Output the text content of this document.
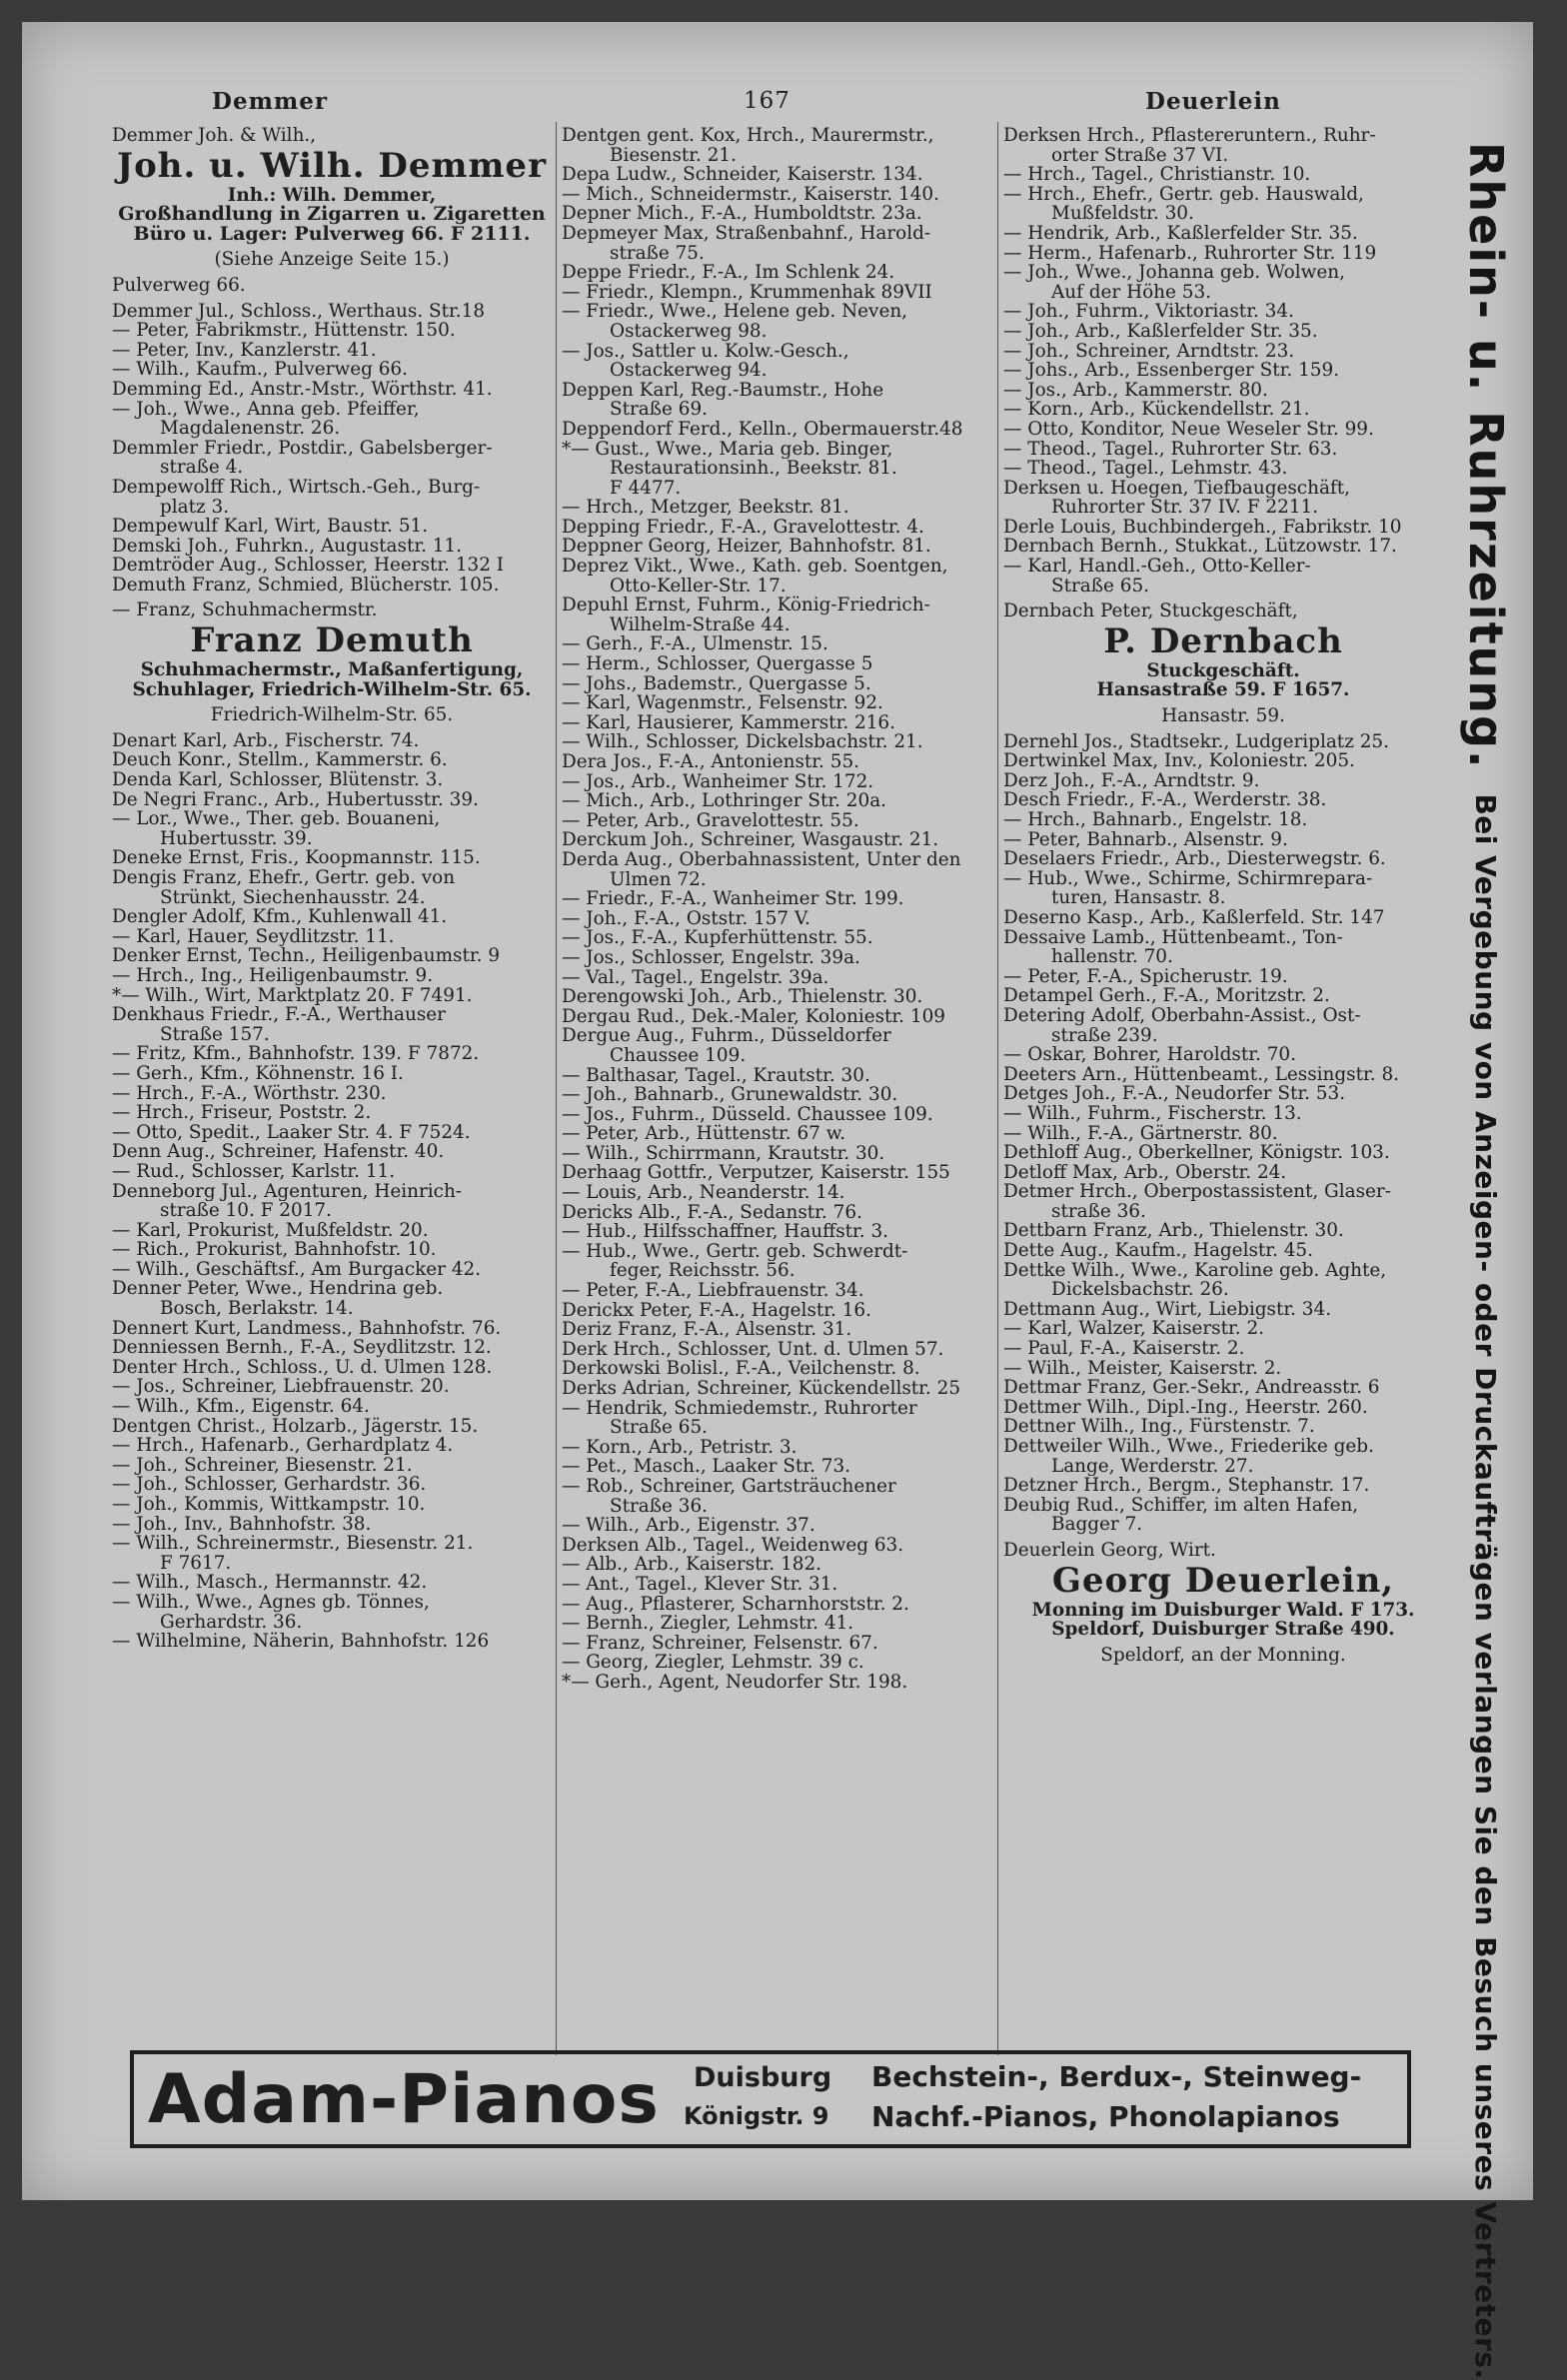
Demmer	167	Deuerlein
Demmer Joh. & Wilh.,
Joh. u. Wilh. Demmer
Inh.: Wilh. Demmer,
Großhandlung in Zigarren u. Zigaretten
Büro u. Lager: Pulverweg 66. F 2111.
(Siehe Anzeige Seite 15.)
Pulverweg 66.
Demmer Jul., Schloss., Werthaus. Str.18
— Peter, Fabrikmstr., Hüttenstr. 150.
— Peter, Inv., Kanzlerstr. 41.
— Wilh., Kaufm., Pulverweg 66.
Demming Ed., Anstr.-Mstr., Wörthstr. 41.
— Joh., Wwe., Anna geb. Pfeiffer,
Magdalenenstr. 26.
Demmler Friedr., Postdir., Gabelsberger-
straße 4.
Dempewolff Rich., Wirtsch.-Geh., Burg-
platz 3.
Dempewulf Karl, Wirt, Baustr. 51.
Demski Joh., Fuhrkn., Augustastr. 11.
Demtröder Aug., Schlosser, Heerstr. 132 I
Demuth Franz, Schmied, Blücherstr. 105.
— Franz, Schuhmachermstr.
Franz Demuth
Schuhmachermstr., Maßanfertigung,
Schuhlager, Friedrich-Wilhelm-Str. 65.
Friedrich-Wilhelm-Str. 65.
Denart Karl, Arb., Fischerstr. 74.
Deuch Konr., Stellm., Kammerstr. 6.
Denda Karl, Schlosser, Blütenstr. 3.
De Negri Franc., Arb., Hubertusstr. 39.
— Lor., Wwe., Ther. geb. Bouaneni,
Hubertusstr. 39.
Deneke Ernst, Fris., Koopmannstr. 115.
Dengis Franz, Ehefr., Gertr. geb. von
Strünkt, Siechenhausstr. 24.
Dengler Adolf, Kfm., Kuhlenwall 41.
— Karl, Hauer, Seydlitzstr. 11.
Denker Ernst, Techn., Heiligenbaumstr. 9
— Hrch., Ing., Heiligenbaumstr. 9.
*— Wilh., Wirt, Marktplatz 20. F 7491.
Denkhaus Friedr., F.-A., Werthauser
Straße 157.
— Fritz, Kfm., Bahnhofstr. 139. F 7872.
— Gerh., Kfm., Köhnenstr. 16 I.
— Hrch., F.-A., Wörthstr. 230.
— Hrch., Friseur, Poststr. 2.
— Otto, Spedit., Laaker Str. 4. F 7524.
Denn Aug., Schreiner, Hafenstr. 40.
— Rud., Schlosser, Karlstr. 11.
Denneborg Jul., Agenturen, Heinrich-
straße 10. F 2017.
— Karl, Prokurist, Mußfeldstr. 20.
— Rich., Prokurist, Bahnhofstr. 10.
— Wilh., Geschäftsf., Am Burgacker 42.
Denner Peter, Wwe., Hendrina geb.
Bosch, Berlakstr. 14.
Dennert Kurt, Landmess., Bahnhofstr. 76.
Denniessen Bernh., F.-A., Seydlitzstr. 12.
Denter Hrch., Schloss., U. d. Ulmen 128.
— Jos., Schreiner, Liebfrauenstr. 20.
— Wilh., Kfm., Eigenstr. 64.
Dentgen Christ., Holzarb., Jägerstr. 15.
— Hrch., Hafenarb., Gerhardplatz 4.
— Joh., Schreiner, Biesenstr. 21.
— Joh., Schlosser, Gerhardstr. 36.
— Joh., Kommis, Wittkampstr. 10.
— Joh., Inv., Bahnhofstr. 38.
— Wilh., Schreinermstr., Biesenstr. 21.
F 7617.
— Wilh., Masch., Hermannstr. 42.
— Wilh., Wwe., Agnes gb. Tönnes,
Gerhardstr. 36.
— Wilhelmine, Näherin, Bahnhofstr. 126
Dentgen gent. Kox, Hrch., Maurermstr.,
Biesenstr. 21.
Depa Ludw., Schneider, Kaiserstr. 134.
— Mich., Schneidermstr., Kaiserstr. 140.
Depner Mich., F.-A., Humboldtstr. 23a.
Depmeyer Max, Straßenbahnf., Harold-
straße 75.
Deppe Friedr., F.-A., Im Schlenk 24.
— Friedr., Klempn., Krummenhak 89VII
— Friedr., Wwe., Helene geb. Neven,
Ostackerweg 98.
— Jos., Sattler u. Kolw.-Gesch.,
Ostackerweg 94.
Deppen Karl, Reg.-Baumstr., Hohe
Straße 69.
Deppendorf Ferd., Kelln., Obermauerstr.48
*— Gust., Wwe., Maria geb. Binger,
Restaurationsinh., Beekstr. 81.
F 4477.
— Hrch., Metzger, Beekstr. 81.
Depping Friedr., F.-A., Gravelottestr. 4.
Deppner Georg, Heizer, Bahnhofstr. 81.
Deprez Vikt., Wwe., Kath. geb. Soentgen,
Otto-Keller-Str. 17.
Depuhl Ernst, Fuhrm., König-Friedrich-
Wilhelm-Straße 44.
— Gerh., F.-A., Ulmenstr. 15.
— Herm., Schlosser, Quergasse 5
— Johs., Bademstr., Quergasse 5.
— Karl, Wagenmstr., Felsenstr. 92.
— Karl, Hausierer, Kammerstr. 216.
— Wilh., Schlosser, Dickelsbachstr. 21.
Dera Jos., F.-A., Antonienstr. 55.
— Jos., Arb., Wanheimer Str. 172.
— Mich., Arb., Lothringer Str. 20a.
— Peter, Arb., Gravelottestr. 55.
Derckum Joh., Schreiner, Wasgaustr. 21.
Derda Aug., Oberbahnassistent, Unter den
Ulmen 72.
— Friedr., F.-A., Wanheimer Str. 199.
— Joh., F.-A., Oststr. 157 V.
— Jos., F.-A., Kupferhüttenstr. 55.
— Jos., Schlosser, Engelstr. 39a.
— Val., Tagel., Engelstr. 39a.
Derengowski Joh., Arb., Thielenstr. 30.
Dergau Rud., Dek.-Maler, Koloniestr. 109
Dergue Aug., Fuhrm., Düsseldorfer
Chaussee 109.
— Balthasar, Tagel., Krautstr. 30.
— Joh., Bahnarb., Grunewaldstr. 30.
— Jos., Fuhrm., Düsseld. Chaussee 109.
— Peter, Arb., Hüttenstr. 67 w.
— Wilh., Schirrmann, Krautstr. 30.
Derhaag Gottfr., Verputzer, Kaiserstr. 155
— Louis, Arb., Neanderstr. 14.
Dericks Alb., F.-A., Sedanstr. 76.
— Hub., Hilfsschaffner, Hauffstr. 3.
— Hub., Wwe., Gertr. geb. Schwerdt-
feger, Reichsstr. 56.
— Peter, F.-A., Liebfrauenstr. 34.
Derickx Peter, F.-A., Hagelstr. 16.
Deriz Franz, F.-A., Alsenstr. 31.
Derk Hrch., Schlosser, Unt. d. Ulmen 57.
Derkowski Bolisl., F.-A., Veilchenstr. 8.
Derks Adrian, Schreiner, Kückendellstr. 25
— Hendrik, Schmiedemstr., Ruhrorter
Straße 65.
— Korn., Arb., Petristr. 3.
— Pet., Masch., Laaker Str. 73.
— Rob., Schreiner, Gartsträuchener
Straße 36.
— Wilh., Arb., Eigenstr. 37.
Derksen Alb., Tagel., Weidenweg 63.
— Alb., Arb., Kaiserstr. 182.
— Ant., Tagel., Klever Str. 31.
— Aug., Pflasterer, Scharnhorststr. 2.
— Bernh., Ziegler, Lehmstr. 41.
— Franz, Schreiner, Felsenstr. 67.
— Georg, Ziegler, Lehmstr. 39 c.
*— Gerh., Agent, Neudorfer Str. 198.
Derksen Hrch., Pflastereruntern., Ruhr-
orter Straße 37 VI.
— Hrch., Tagel., Christianstr. 10.
— Hrch., Ehefr., Gertr. geb. Hauswald,
Mußfeldstr. 30.
— Hendrik, Arb., Kaßlerfelder Str. 35.
— Herm., Hafenarb., Ruhrorter Str. 119
— Joh., Wwe., Johanna geb. Wolwen,
Auf der Höhe 53.
— Joh., Fuhrm., Viktoriastr. 34.
— Joh., Arb., Kaßlerfelder Str. 35.
— Joh., Schreiner, Arndtstr. 23.
— Johs., Arb., Essenberger Str. 159.
— Jos., Arb., Kammerstr. 80.
— Korn., Arb., Kückendellstr. 21.
— Otto, Konditor, Neue Weseler Str. 99.
— Theod., Tagel., Ruhrorter Str. 63.
— Theod., Tagel., Lehmstr. 43.
Derksen u. Hoegen, Tiefbaugeschäft,
Ruhrorter Str. 37 IV. F 2211.
Derle Louis, Buchbindergeh., Fabrikstr. 10
Dernbach Bernh., Stukkat., Lützowstr. 17.
— Karl, Handl.-Geh., Otto-Keller-
Straße 65.
Dernbach Peter, Stuckgeschäft,
P. Dernbach
Stuckgeschäft.
Hansastraße 59. F 1657.
Hansastr. 59.
Dernehl Jos., Stadtsekr., Ludgeriplatz 25.
Dertwinkel Max, Inv., Koloniestr. 205.
Derz Joh., F.-A., Arndtstr. 9.
Desch Friedr., F.-A., Werderstr. 38.
— Hrch., Bahnarb., Engelstr. 18.
— Peter, Bahnarb., Alsenstr. 9.
Deselaers Friedr., Arb., Diesterwegstr. 6.
— Hub., Wwe., Schirme, Schirmrepara-
turen, Hansastr. 8.
Deserno Kasp., Arb., Kaßlerfeld. Str. 147
Dessaive Lamb., Hüttenbeamt., Ton-
hallenstr. 70.
— Peter, F.-A., Spicherustr. 19.
Detampel Gerh., F.-A., Moritzstr. 2.
Detering Adolf, Oberbahn-Assist., Ost-
straße 239.
— Oskar, Bohrer, Haroldstr. 70.
Deeters Arn., Hüttenbeamt., Lessingstr. 8.
Detges Joh., F.-A., Neudorfer Str. 53.
— Wilh., Fuhrm., Fischerstr. 13.
— Wilh., F.-A., Gärtnerstr. 80.
Dethloff Aug., Oberkellner, Königstr. 103.
Detloff Max, Arb., Oberstr. 24.
Detmer Hrch., Oberpostassistent, Glaser-
straße 36.
Dettbarn Franz, Arb., Thielenstr. 30.
Dette Aug., Kaufm., Hagelstr. 45.
Dettke Wilh., Wwe., Karoline geb. Aghte,
Dickelsbachstr. 26.
Dettmann Aug., Wirt, Liebigstr. 34.
— Karl, Walzer, Kaiserstr. 2.
— Paul, F.-A., Kaiserstr. 2.
— Wilh., Meister, Kaiserstr. 2.
Dettmar Franz, Ger.-Sekr., Andreasstr. 6
Dettmer Wilh., Dipl.-Ing., Heerstr. 260.
Dettner Wilh., Ing., Fürstenstr. 7.
Dettweiler Wilh., Wwe., Friederike geb.
Lange, Werderstr. 27.
Detzner Hrch., Bergm., Stephanstr. 17.
Deubig Rud., Schiffer, im alten Hafen,
Bagger 7.
Deuerlein Georg, Wirt.
Georg Deuerlein,
Monning im Duisburger Wald. F 173.
Speldorf, Duisburger Straße 490.
Speldorf, an der Monning.
Rhein- u. Ruhrzeitung.
Bei Vergebung von Anzeigen- oder Druckaufträgen verlangen Sie den Besuch unseres Vertreters.
Adam-Pianos Duisburg
Königstr. 9
Bechstein-, Berdux-, Steinweg-
Nachf.-Pianos, Phonolapianos
